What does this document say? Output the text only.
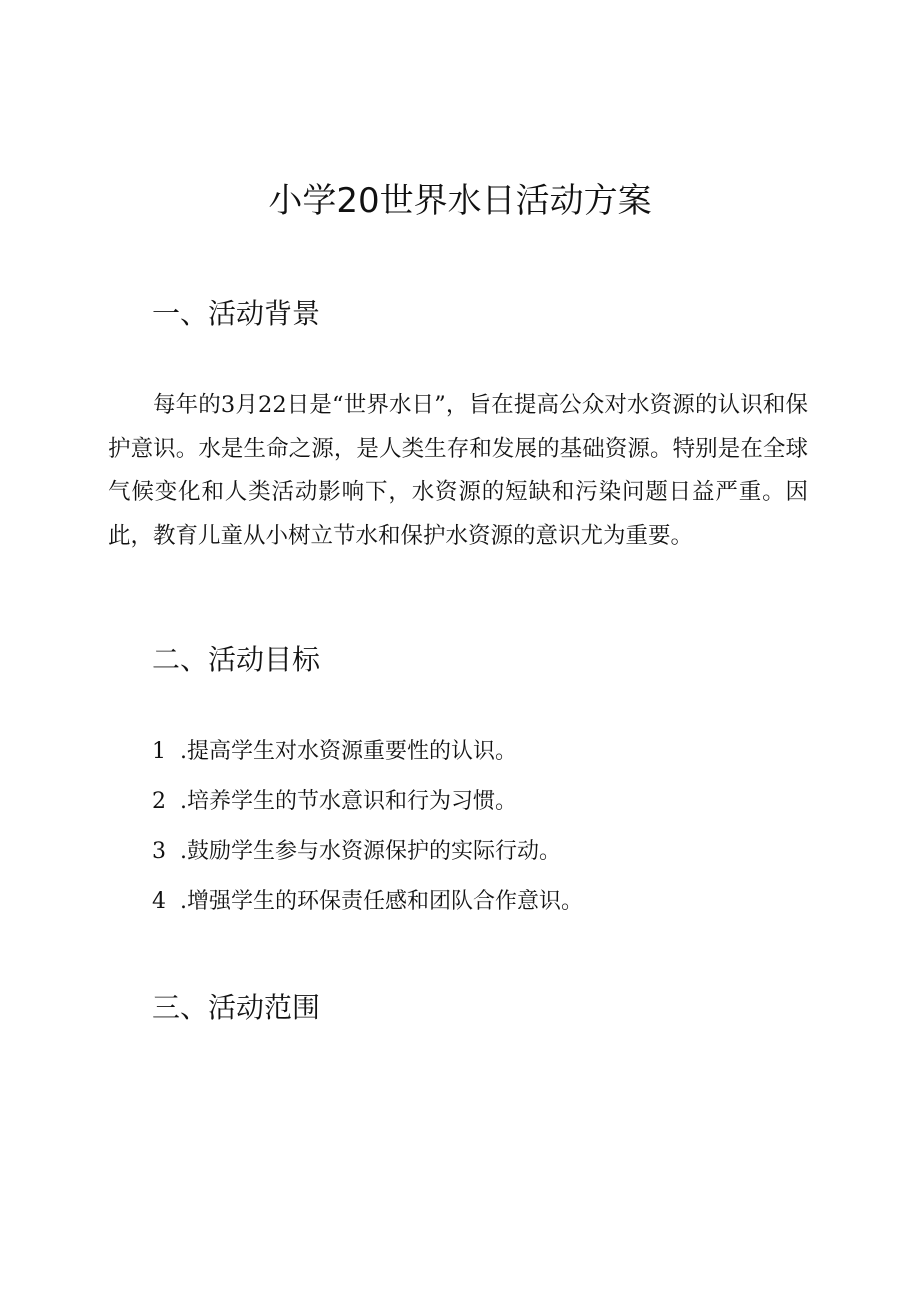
小学20世界水日活动方案
一、活动背景

每年的3月22日是“世界水日”，旨在提高公众对水资源的认识和保护意识。水是生命之源，是人类生存和发展的基础资源。特别是在全球气候变化和人类活动影响下，水资源的短缺和污染问题日益严重。因此，教育儿童从小树立节水和保护水资源的意识尤为重要。

二、活动目标
1 .提高学生对水资源重要性的认识。
2 .培养学生的节水意识和行为习惯。
3 .鼓励学生参与水资源保护的实际行动。
4 .增强学生的环保责任感和团队合作意识。
三、活动范围
